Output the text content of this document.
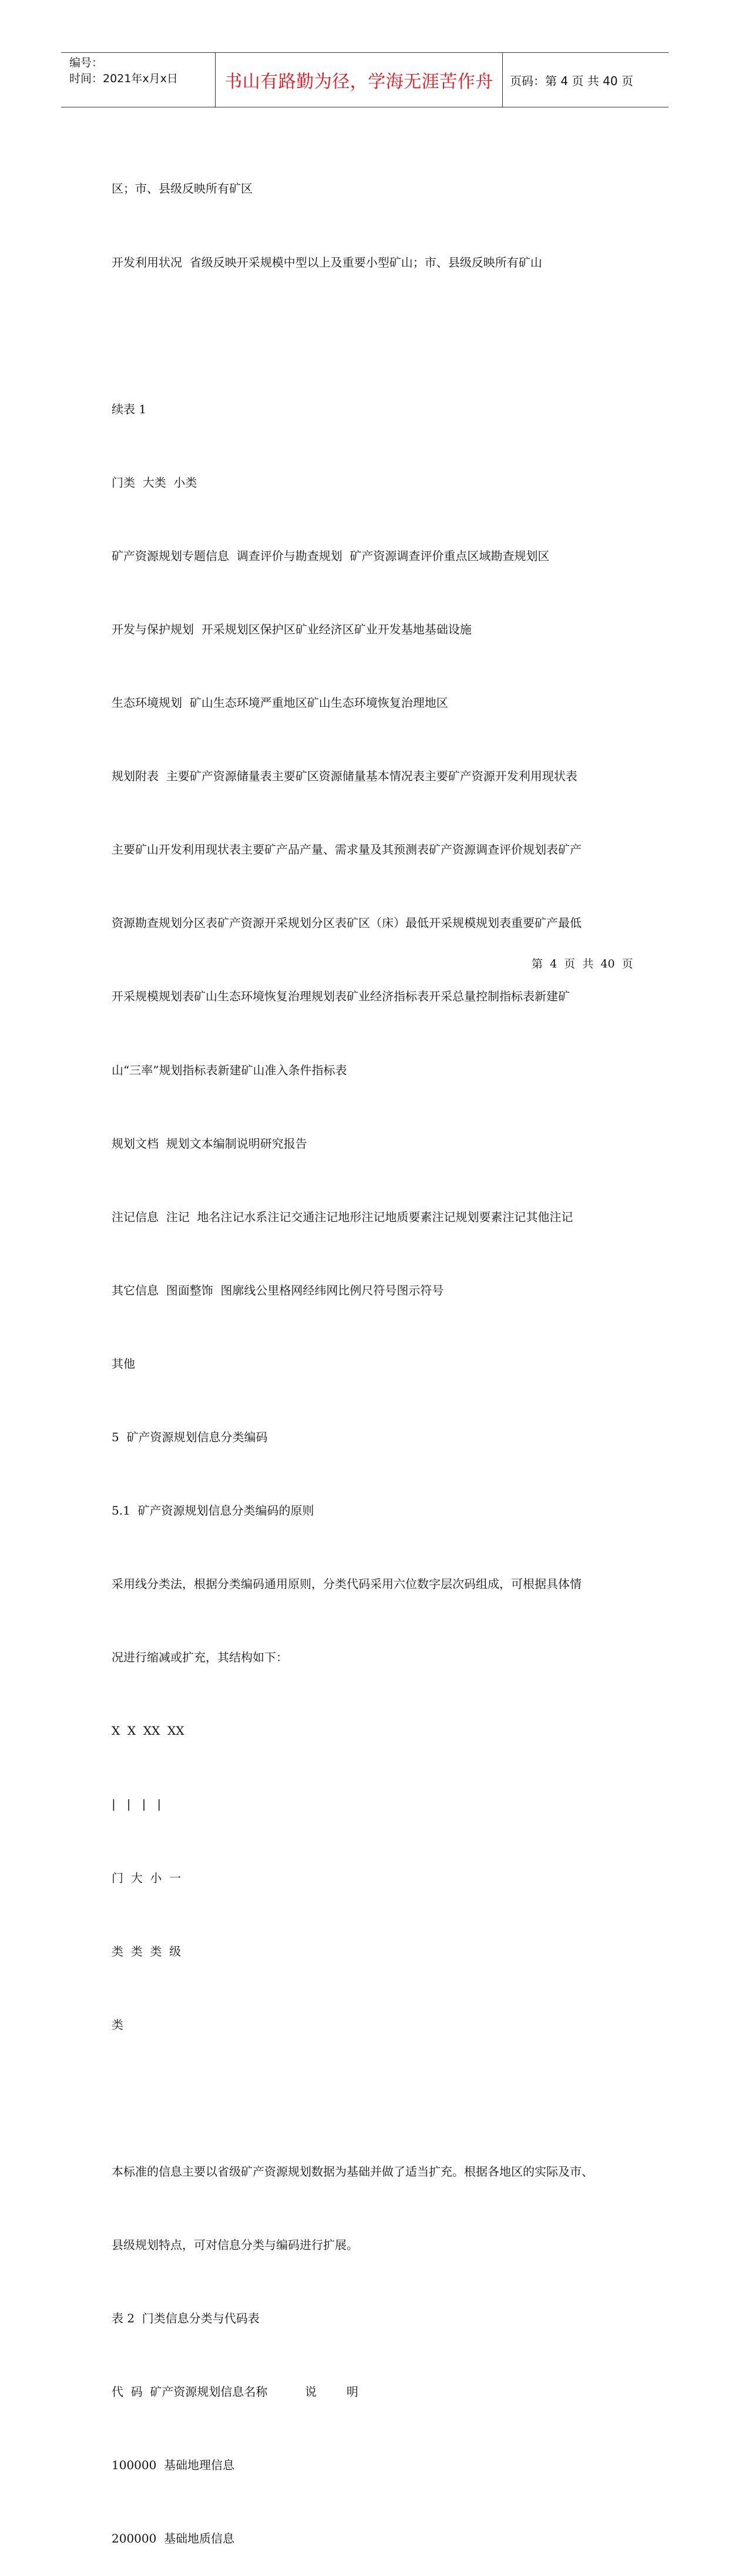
编号：
时间：2021年x月x日	书山有路勤为径，学海无涯苦作舟	页码：第 4 页 共 40 页

区；市、县级反映所有矿区

开发利用状况  省级反映开采规模中型以上及重要小型矿山；市、县级反映所有矿山

续表 1

门类  大类  小类

矿产资源规划专题信息  调查评价与勘查规划  矿产资源调查评价重点区域勘查规划区

开发与保护规划  开采规划区保护区矿业经济区矿业开发基地基础设施

生态环境规划  矿山生态环境严重地区矿山生态环境恢复治理地区

规划附表  主要矿产资源储量表主要矿区资源储量基本情况表主要矿产资源开发利用现状表

主要矿山开发利用现状表主要矿产品产量、需求量及其预测表矿产资源调查评价规划表矿产

资源勘查规划分区表矿产资源开采规划分区表矿区（床）最低开采规模规划表重要矿产最低

开采规模规划表矿山生态环境恢复治理规划表矿业经济指标表开采总量控制指标表新建矿

山“三率”规划指标表新建矿山准入条件指标表

规划文档  规划文本编制说明研究报告

注记信息  注记  地名注记水系注记交通注记地形注记地质要素注记规划要素注记其他注记

其它信息  图面整饰  图廓线公里格网经纬网比例尺符号图示符号

其他

5  矿产资源规划信息分类编码

5.1  矿产资源规划信息分类编码的原则

采用线分类法，根据分类编码通用原则，分类代码采用六位数字层次码组成，可根据具体情

况进行缩减或扩充，其结构如下：

X  X  XX  XX

|   |   |   |

门  大  小  一

类  类  类  级

类

本标准的信息主要以省级矿产资源规划数据为基础并做了适当扩充。根据各地区的实际及市、

县级规划特点，可对信息分类与编码进行扩展。

表 2  门类信息分类与代码表

代  码  矿产资源规划信息名称          说        明

100000  基础地理信息

200000  基础地质信息

第  4  页  共  40  页
